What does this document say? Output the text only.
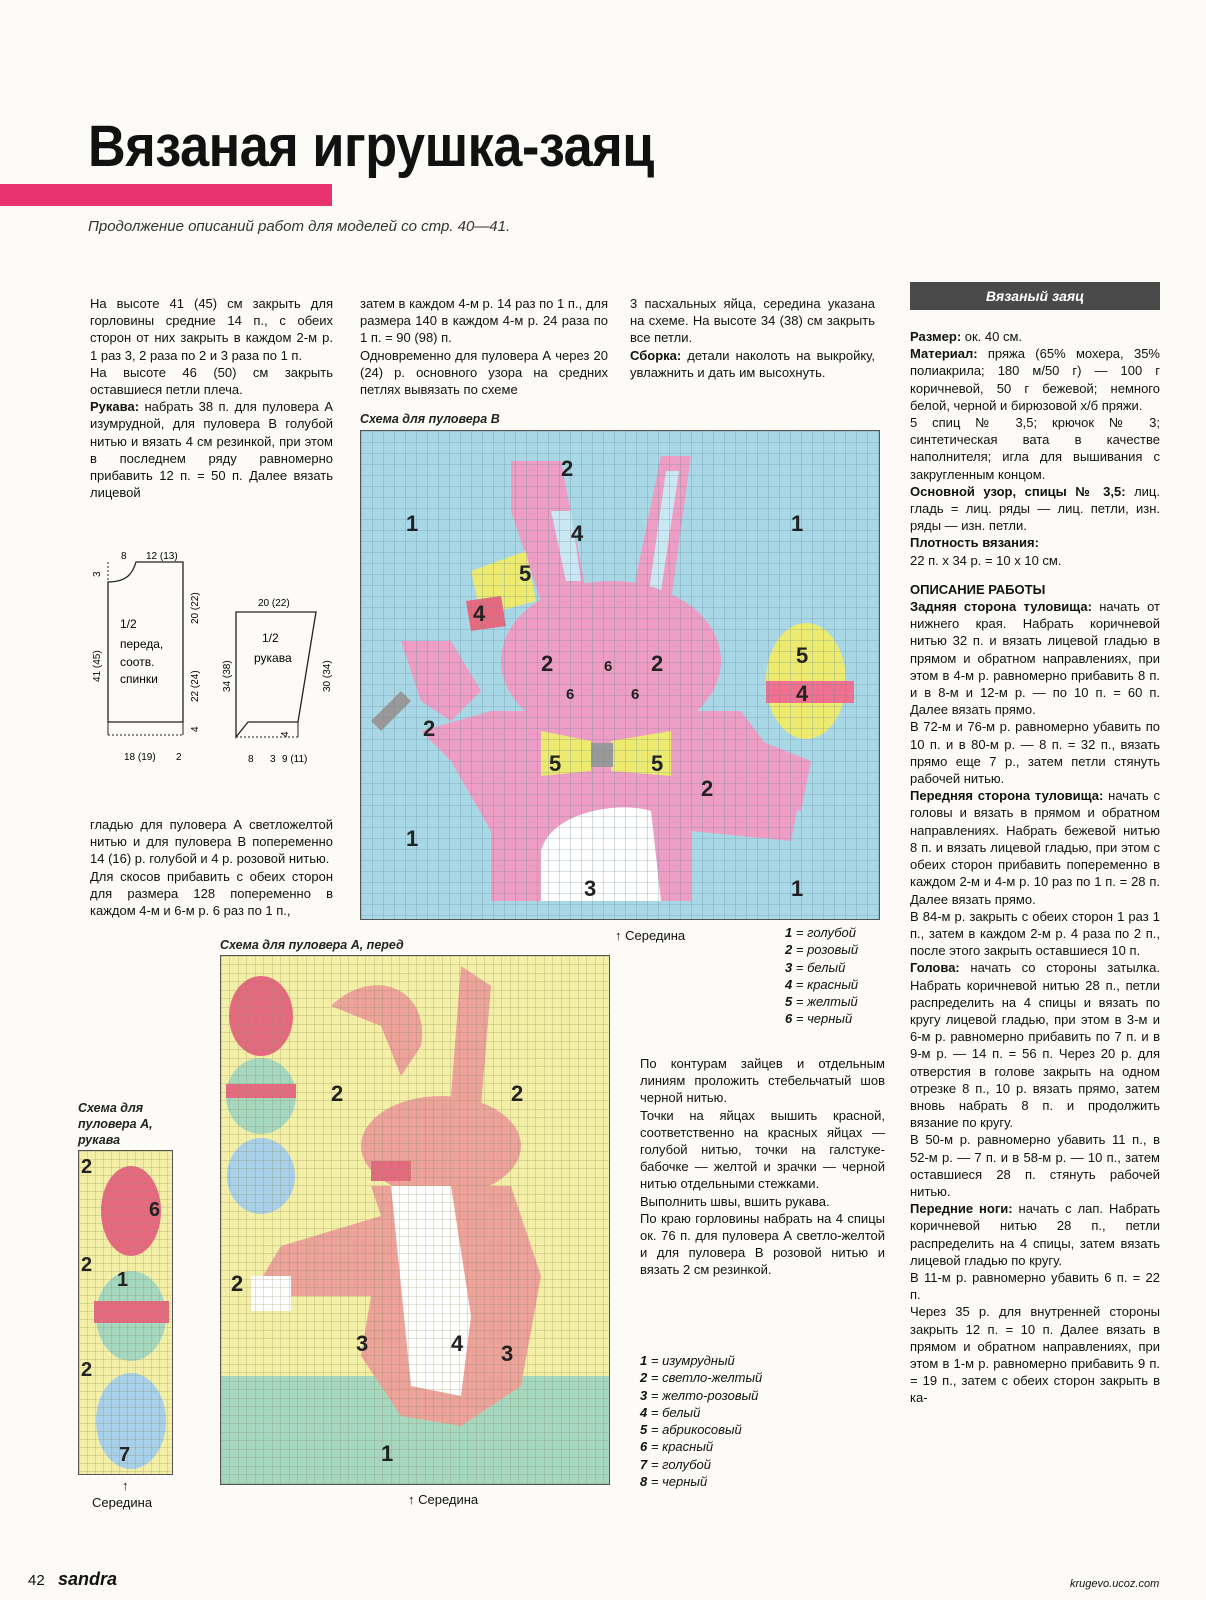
Вязаная игрушка-заяц
Продолжение описаний работ для моделей со стр. 40—41.

На высоте 41 (45) см закрыть для горловины средние 14 п., с обеих сторон от них закрыть в каждом 2-м р. 1 раз 3, 2 раза по 2 и 3 раза по 1 п.

На высоте 46 (50) см закрыть оставшиеся петли плеча.

Рукава: набрать 38 п. для пуловера А изумрудной, для пуловера В голубой нитью и вязать 4 см резинкой, при этом в последнем ряду равномерно прибавить 12 п. = 50 п. Далее вязать лицевой

8 12 (13)
3
20 (22)
41 (45)
22 (24)
4
18 (19) 2
1/2
переда,
соотв.
спинки
20 (22)
34 (38)	30 (34)
4
8 3 9 (11)
1/2
рукава

гладью для пуловера А светложелтой нитью и для пуловера В попеременно 14 (16) р. голубой и 4 р. розовой нитью.

Для скосов прибавить с обеих сторон для размера 128 попеременно в каждом 4-м и 6-м р. 6 раз по 1 п.,

затем в каждом 4-м р. 14 раз по 1 п., для размера 140 в каждом 4-м р. 24 раза по 1 п. = 90 (98) п.

Одновременно для пуловера А через 20 (24) р. основного узора на средних петлях вывязать по схеме

3 пасхальных яйца, середина указана на схеме. На высоте 34 (38) см закрыть все петли.

Сборка: детали наколоть на выкройку, увлажнить и дать им высохнуть.

Схема для пуловера B
1	1
1
1
2
2	2
2
2
3
4
4
4
5
5
5	5
6
6	6
↑ Середина	1 = голубой
2 = розовый
3 = белый
4 = красный
5 = желтый
6 = черный
Схема для пуловера А, перед
2	2
2
3	4 3
1
↑ Середина
1 = изумрудный
2 = светло-желтый
3 = желто-розовый
4 = белый
5 = абрикосовый
6 = красный
7 = голубой
8 = черный
Схема для
пуловера А,
рукава
2
2
2
6
1
7
↑
Середина

По контурам зайцев и отдельным линиям проложить стебельчатый шов черной нитью.

Точки на яйцах вышить красной, соответственно на красных яйцах — голубой нитью, точки на галстуке-бабочке — желтой и зрачки — черной нитью отдельными стежками.

Выполнить швы, вшить рукава.

По краю горловины набрать на 4 спицы ок. 76 п. для пуловера А светло-желтой и для пуловера В розовой нитью и вязать 2 см резинкой.

Вязаный заяц

Размер: ок. 40 см.

Материал: пряжа (65% мохера, 35% полиакрила; 180 м/50 г) — 100 г коричневой, 50 г бежевой; немного белой, черной и бирюзовой х/б пряжи.

5 спиц № 3,5; крючок № 3; синтетическая вата в качестве наполнителя; игла для вышивания с закругленным концом.

Основной узор, спицы № 3,5: лиц. гладь = лиц. ряды — лиц. петли, изн. ряды — изн. петли.

Плотность вязания:

22 п. х 34 р. = 10 х 10 см.

ОПИСАНИЕ РАБОТЫ

Задняя сторона туловища: начать от нижнего края. Набрать коричневой нитью 32 п. и вязать лицевой гладью в прямом и обратном направлениях, при этом в 4-м р. равномерно прибавить 8 п. и в 8-м и 12-м р. — по 10 п. = 60 п. Далее вязать прямо.

В 72-м и 76-м р. равномерно убавить по 10 п. и в 80-м р. — 8 п. = 32 п., вязать прямо еще 7 р., затем петли стянуть рабочей нитью.

Передняя сторона туловища: начать с головы и вязать в прямом и обратном направлениях. Набрать бежевой нитью 8 п. и вязать лицевой гладью, при этом с обеих сторон прибавить попеременно в каждом 2-м и 4-м р. 10 раз по 1 п. = 28 п. Далее вязать прямо.

В 84-м р. закрыть с обеих сторон 1 раз 1 п., затем в каждом 2-м р. 4 раза по 2 п., после этого закрыть оставшиеся 10 п.

Голова: начать со стороны затылка. Набрать коричневой нитью 28 п., петли распределить на 4 спицы и вязать по кругу лицевой гладью, при этом в 3-м и 6-м р. равномерно прибавить по 7 п. и в 9-м р. — 14 п. = 56 п. Через 20 р. для отверстия в голове закрыть на одном отрезке 8 п., 10 р. вязать прямо, затем вновь набрать 8 п. и продолжить вязание по кругу.

В 50-м р. равномерно убавить 11 п., в 52-м р. — 7 п. и в 58-м р. — 10 п., затем оставшиеся 28 п. стянуть рабочей нитью.

Передние ноги: начать с лап. Набрать коричневой нитью 28 п., петли распределить на 4 спицы, затем вязать лицевой гладью по кругу.

В 11-м р. равномерно убавить 6 п. = 22 п.

Через 35 р. для внутренней стороны закрыть 12 п. = 10 п. Далее вязать в прямом и обратном направлениях, при этом в 1-м р. равномерно прибавить 9 п. = 19 п., затем с обеих сторон закрыть в ка-

42 sandra	krugevo.ucoz.com
